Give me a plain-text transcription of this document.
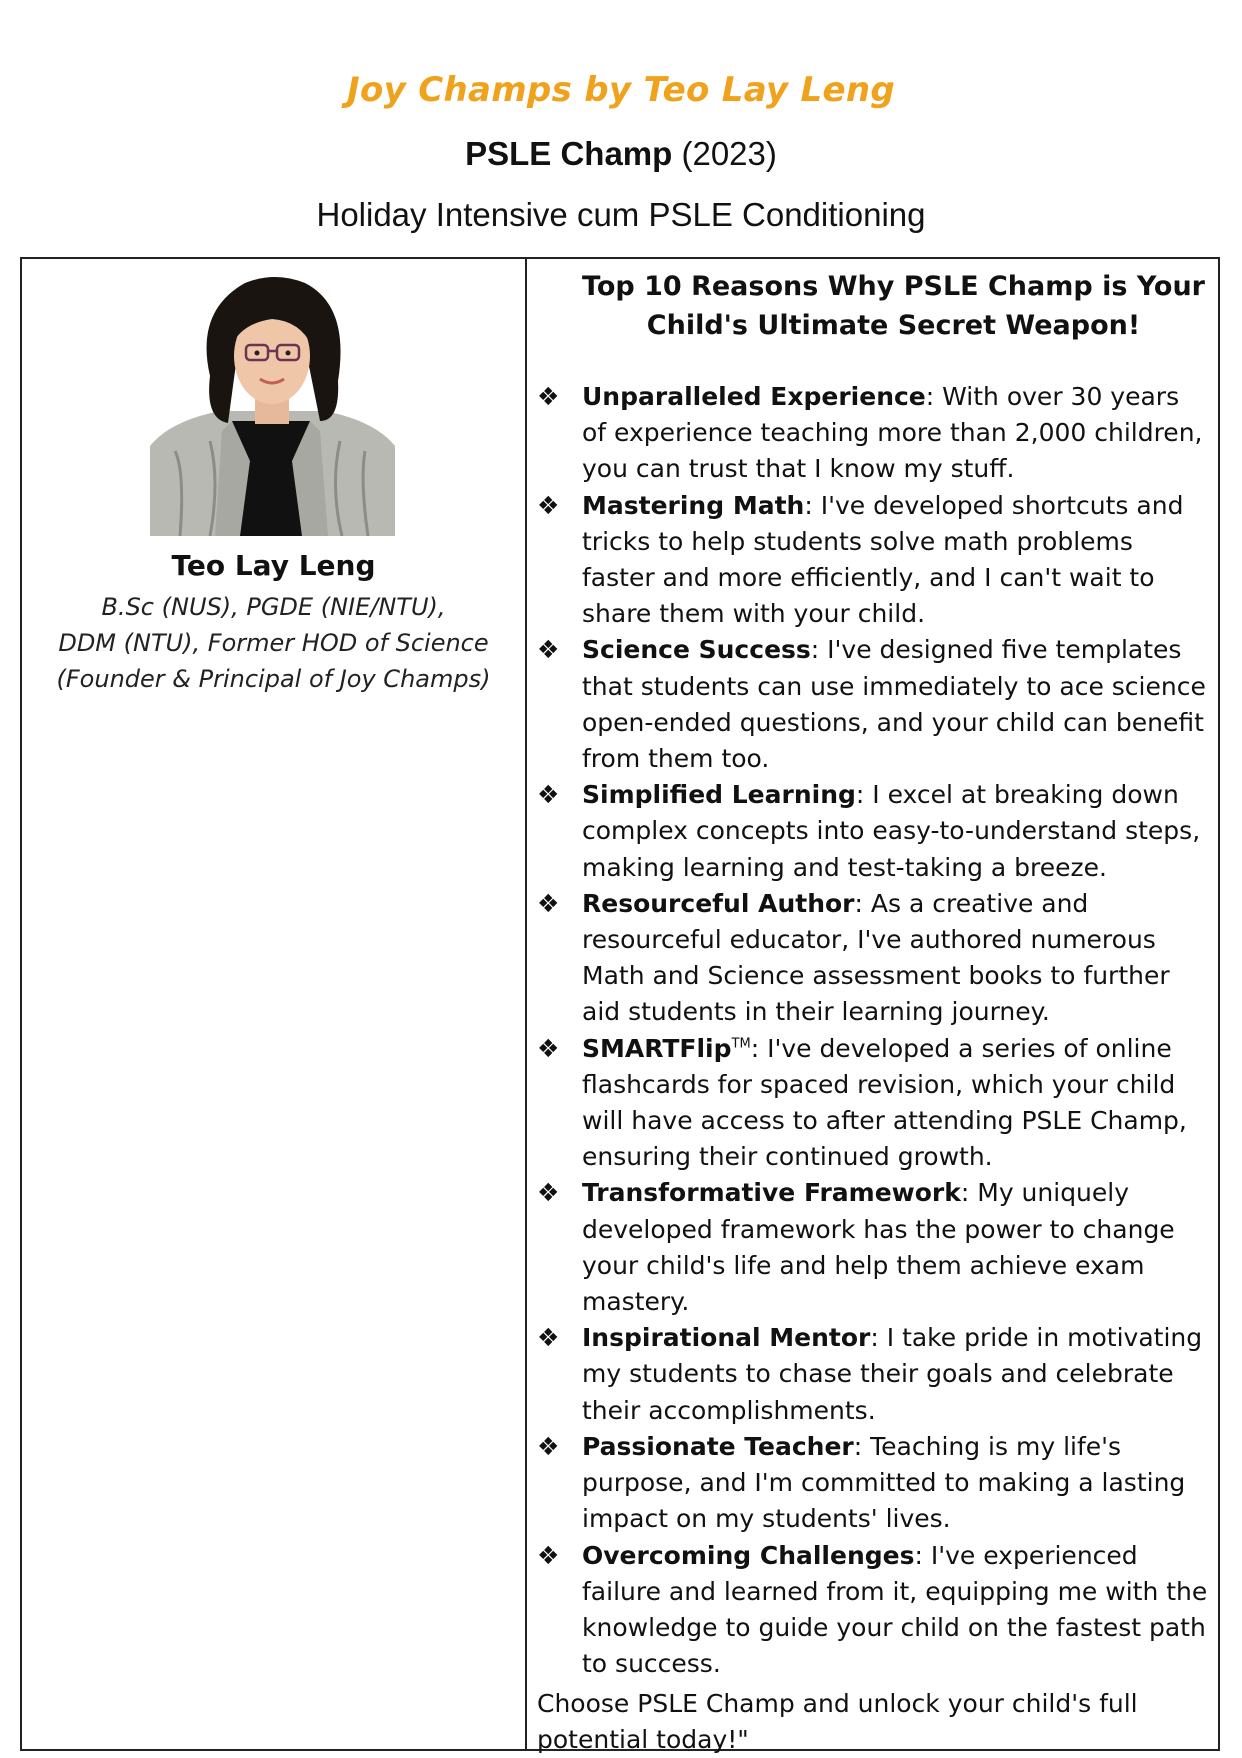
Joy Champs by Teo Lay Leng
PSLE Champ (2023)
Holiday Intensive cum PSLE Conditioning
Teo Lay Leng
B.Sc (NUS), PGDE (NIE/NTU),
DDM (NTU), Former HOD of Science
(Founder & Principal of Joy Champs)
Top 10 Reasons Why PSLE Champ is Your
Child's Ultimate Secret Weapon!
❖ Unparalleled Experience: With over 30 years of experience teaching more than 2,000 children, you can trust that I know my stuff.
❖ Mastering Math: I've developed shortcuts and tricks to help students solve math problems faster and more efficiently, and I can't wait to share them with your child.
❖ Science Success: I've designed five templates that students can use immediately to ace science open-ended questions, and your child can benefit from them too.
❖ Simplified Learning: I excel at breaking down complex concepts into easy-to-understand steps, making learning and test-taking a breeze.
❖ Resourceful Author: As a creative and resourceful educator, I've authored numerous Math and Science assessment books to further aid students in their learning journey.
❖ SMARTFlip™: I've developed a series of online flashcards for spaced revision, which your child will have access to after attending PSLE Champ, ensuring their continued growth.
❖ Transformative Framework: My uniquely developed framework has the power to change your child's life and help them achieve exam mastery.
❖ Inspirational Mentor: I take pride in motivating my students to chase their goals and celebrate their accomplishments.
❖ Passionate Teacher: Teaching is my life's purpose, and I'm committed to making a lasting impact on my students' lives.
❖ Overcoming Challenges: I've experienced failure and learned from it, equipping me with the knowledge to guide your child on the fastest path to success.
Choose PSLE Champ and unlock your child's full potential today!"
